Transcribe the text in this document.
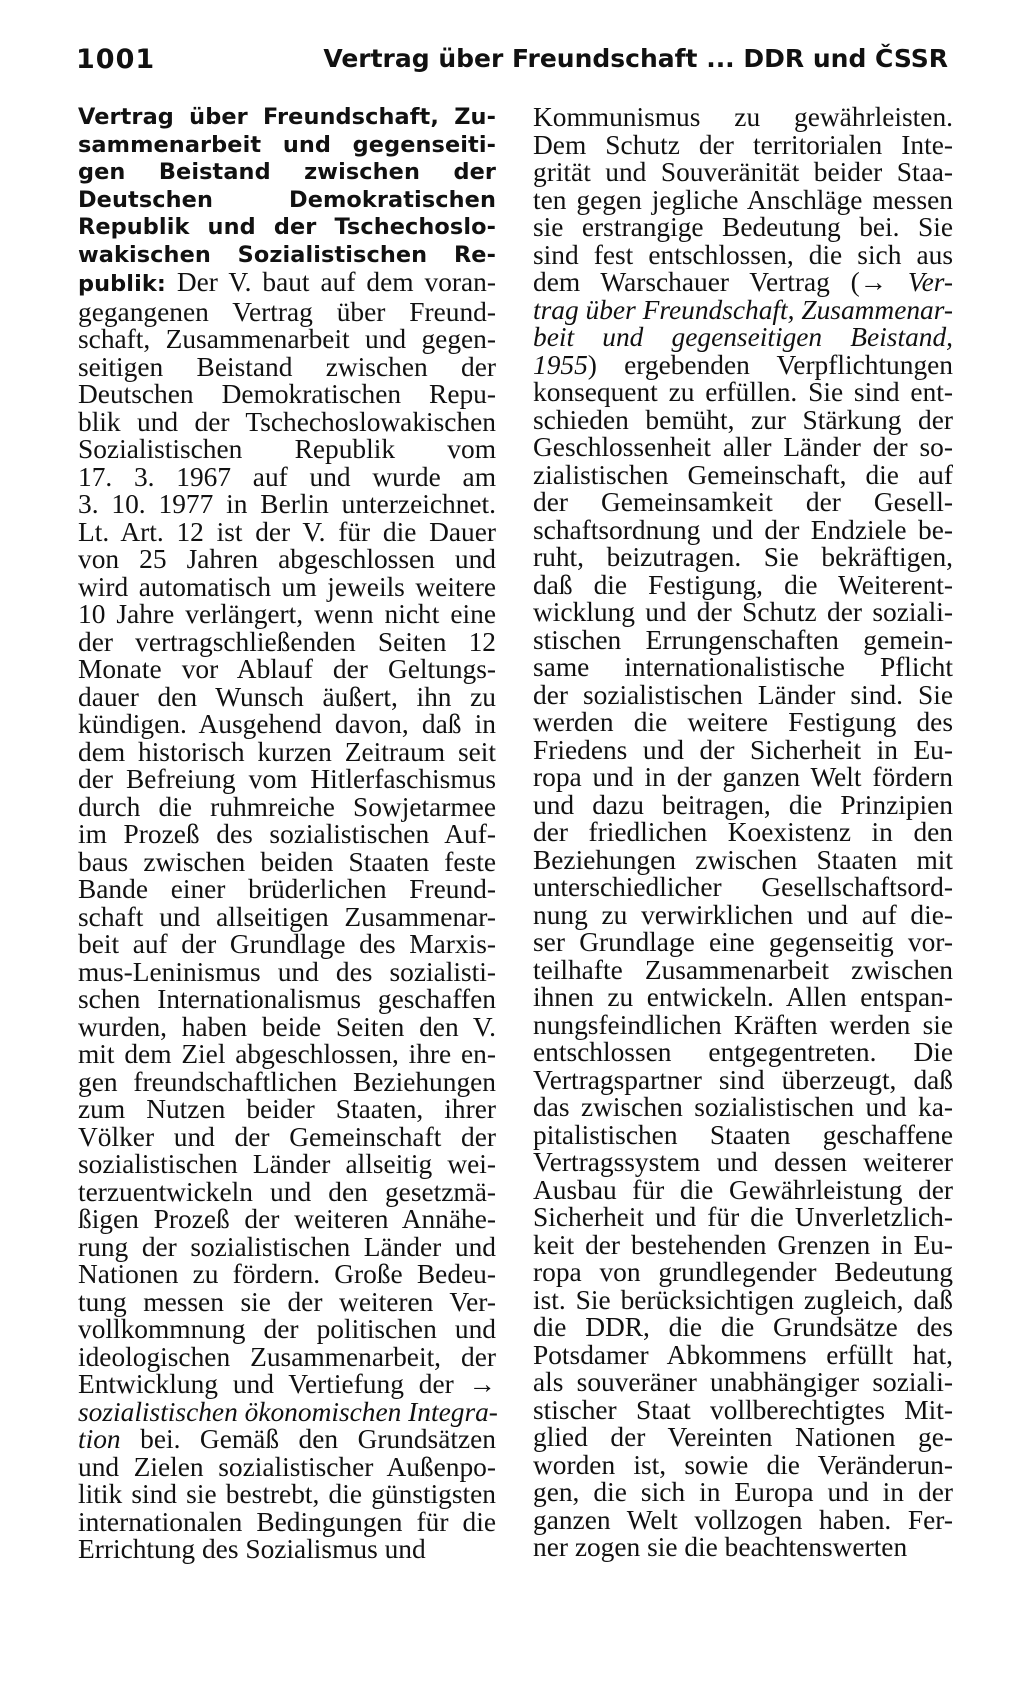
1001	Vertrag über Freundschaft ... DDR und ČSSR
Vertrag über Freundschaft, Zu-
sammenarbeit und gegenseiti-
gen Beistand zwischen der
Deutschen Demokratischen
Republik und der Tschechoslo-
wakischen Sozialistischen Re-
publik: Der V. baut auf dem voran-
gegangenen Vertrag über Freund-
schaft, Zusammenarbeit und gegen-
seitigen Beistand zwischen der
Deutschen Demokratischen Repu-
blik und der Tschechoslowakischen
Sozialistischen Republik vom
17. 3. 1967 auf und wurde am
3. 10. 1977 in Berlin unterzeichnet.
Lt. Art. 12 ist der V. für die Dauer
von 25 Jahren abgeschlossen und
wird automatisch um jeweils weitere
10 Jahre verlängert, wenn nicht eine
der vertragschließenden Seiten 12
Monate vor Ablauf der Geltungs-
dauer den Wunsch äußert, ihn zu
kündigen. Ausgehend davon, daß in
dem historisch kurzen Zeitraum seit
der Befreiung vom Hitlerfaschismus
durch die ruhmreiche Sowjetarmee
im Prozeß des sozialistischen Auf-
baus zwischen beiden Staaten feste
Bande einer brüderlichen Freund-
schaft und allseitigen Zusammenar-
beit auf der Grundlage des Marxis-
mus-Leninismus und des sozialisti-
schen Internationalismus geschaffen
wurden, haben beide Seiten den V.
mit dem Ziel abgeschlossen, ihre en-
gen freundschaftlichen Beziehungen
zum Nutzen beider Staaten, ihrer
Völker und der Gemeinschaft der
sozialistischen Länder allseitig wei-
terzuentwickeln und den gesetzmä-
ßigen Prozeß der weiteren Annähe-
rung der sozialistischen Länder und
Nationen zu fördern. Große Bedeu-
tung messen sie der weiteren Ver-
vollkommnung der politischen und
ideologischen Zusammenarbeit, der
Entwicklung und Vertiefung der →
sozialistischen ökonomischen Integra-
tion bei. Gemäß den Grundsätzen
und Zielen sozialistischer Außenpo-
litik sind sie bestrebt, die günstigsten
internationalen Bedingungen für die
Errichtung des Sozialismus und
Kommunismus zu gewährleisten.
Dem Schutz der territorialen Inte-
grität und Souveränität beider Staa-
ten gegen jegliche Anschläge messen
sie erstrangige Bedeutung bei. Sie
sind fest entschlossen, die sich aus
dem Warschauer Vertrag (→ Ver-
trag über Freundschaft, Zusammenar-
beit und gegenseitigen Beistand,
1955) ergebenden Verpflichtungen
konsequent zu erfüllen. Sie sind ent-
schieden bemüht, zur Stärkung der
Geschlossenheit aller Länder der so-
zialistischen Gemeinschaft, die auf
der Gemeinsamkeit der Gesell-
schaftsordnung und der Endziele be-
ruht, beizutragen. Sie bekräftigen,
daß die Festigung, die Weiterent-
wicklung und der Schutz der soziali-
stischen Errungenschaften gemein-
same internationalistische Pflicht
der sozialistischen Länder sind. Sie
werden die weitere Festigung des
Friedens und der Sicherheit in Eu-
ropa und in der ganzen Welt fördern
und dazu beitragen, die Prinzipien
der friedlichen Koexistenz in den
Beziehungen zwischen Staaten mit
unterschiedlicher Gesellschaftsord-
nung zu verwirklichen und auf die-
ser Grundlage eine gegenseitig vor-
teilhafte Zusammenarbeit zwischen
ihnen zu entwickeln. Allen entspan-
nungsfeindlichen Kräften werden sie
entschlossen entgegentreten. Die
Vertragspartner sind überzeugt, daß
das zwischen sozialistischen und ka-
pitalistischen Staaten geschaffene
Vertragssystem und dessen weiterer
Ausbau für die Gewährleistung der
Sicherheit und für die Unverletzlich-
keit der bestehenden Grenzen in Eu-
ropa von grundlegender Bedeutung
ist. Sie berücksichtigen zugleich, daß
die DDR, die die Grundsätze des
Potsdamer Abkommens erfüllt hat,
als souveräner unabhängiger soziali-
stischer Staat vollberechtigtes Mit-
glied der Vereinten Nationen ge-
worden ist, sowie die Veränderun-
gen, die sich in Europa und in der
ganzen Welt vollzogen haben. Fer-
ner zogen sie die beachtenswerten
